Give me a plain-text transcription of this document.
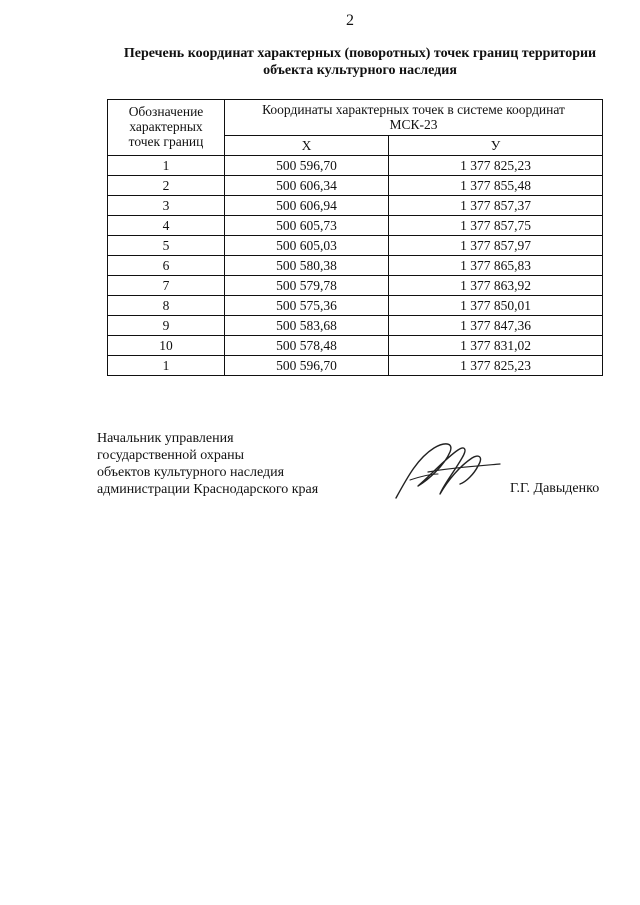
2
Перечень координат характерных (поворотных) точек границ территории
объекта культурного наследия
Обозначение
характерных
точек границ	Координаты характерных точек в системе координат
МСК-23	

	X	У
1	500 596,70	1 377 825,23
2	500 606,34	1 377 855,48
3	500 606,94	1 377 857,37
4	500 605,73	1 377 857,75
5	500 605,03	1 377 857,97
6	500 580,38	1 377 865,83
7	500 579,78	1 377 863,92
8	500 575,36	1 377 850,01
9	500 583,68	1 377 847,36
10	500 578,48	1 377 831,02
1	500 596,70	1 377 825,23
Начальник управления
государственной охраны
объектов культурного наследия
администрации Краснодарского края	Г.Г. Давыденко
